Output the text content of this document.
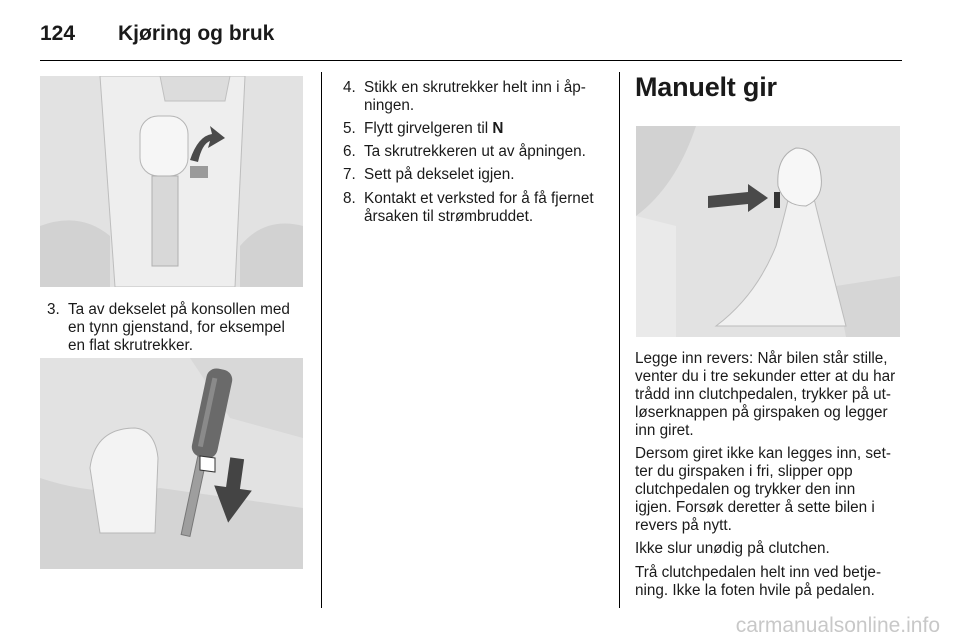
124 Kjøring og bruk
3. Ta av dekselet på konsollen med
en tynn gjenstand, for eksempel
en flat skrutrekker.
4. Stikk en skrutrekker helt inn i åp-
ningen.
5. Flytt girvelgeren til N
6. Ta skrutrekkeren ut av åpningen.
7. Sett på dekselet igjen.
8. Kontakt et verksted for å få fjernet
årsaken til strømbruddet.
Manuelt gir
Legge inn revers: Når bilen står stille,
venter du i tre sekunder etter at du har
trådd inn clutchpedalen, trykker på ut-
løserknappen på girspaken og legger
inn giret.
Dersom giret ikke kan legges inn, set-
ter du girspaken i fri, slipper opp
clutchpedalen og trykker den inn
igjen. Forsøk deretter å sette bilen i
revers på nytt.
Ikke slur unødig på clutchen.
Trå clutchpedalen helt inn ved betje-
ning. Ikke la foten hvile på pedalen.
carmanualsonline.info
